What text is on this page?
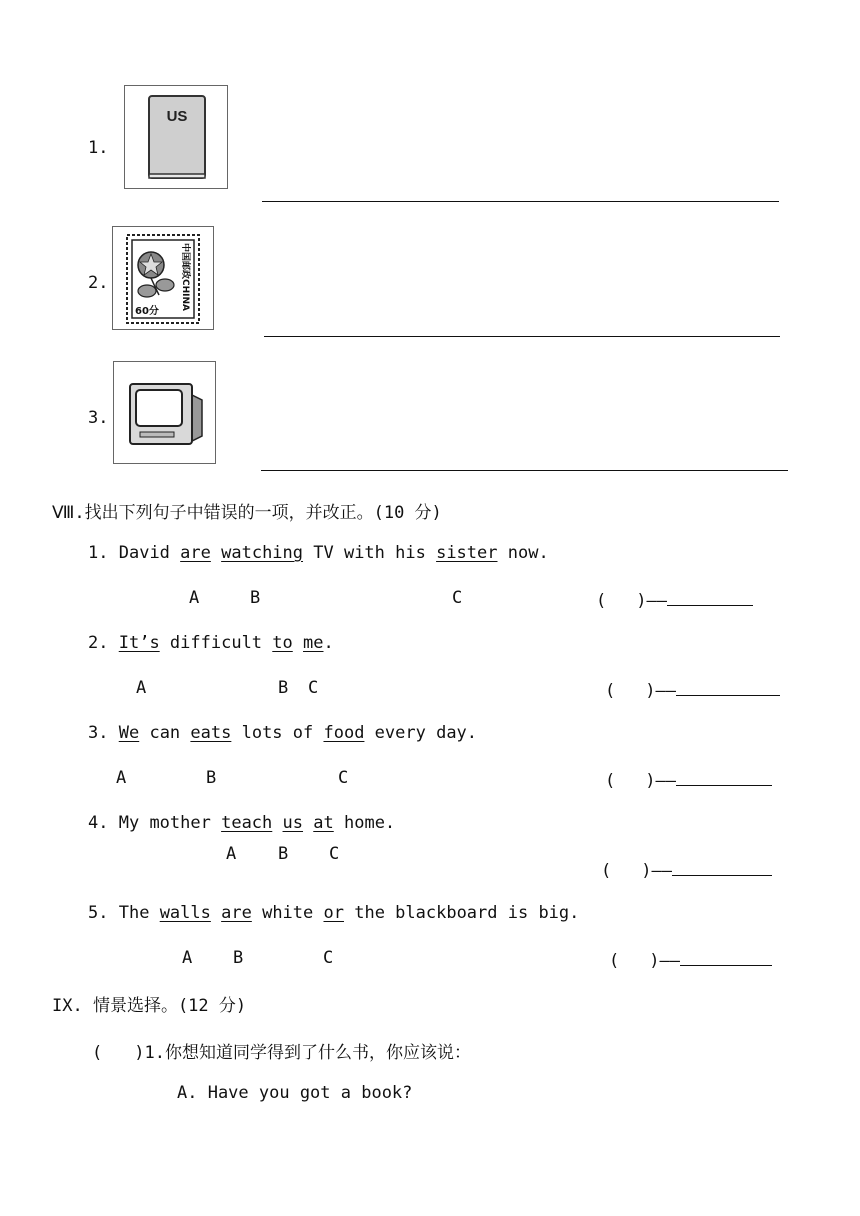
1.
US
2.
60分
中国邮政CHINA
3.
Ⅷ.找出下列句子中错误的一项，并改正。(10 分)
1. David are watching TV with his sister now.
A	B	C	( )——
2. It’s difficult to me.
A	B C	( )——
3. We can eats lots of food every day.
A	B	C	( )——
4. My mother teach us at home.
A B C
( )——
5. The walls are white or the blackboard is big.
A B	C	( )——
IX. 情景选择。(12 分)
( )1.你想知道同学得到了什么书，你应该说：
A. Have you got a book?
